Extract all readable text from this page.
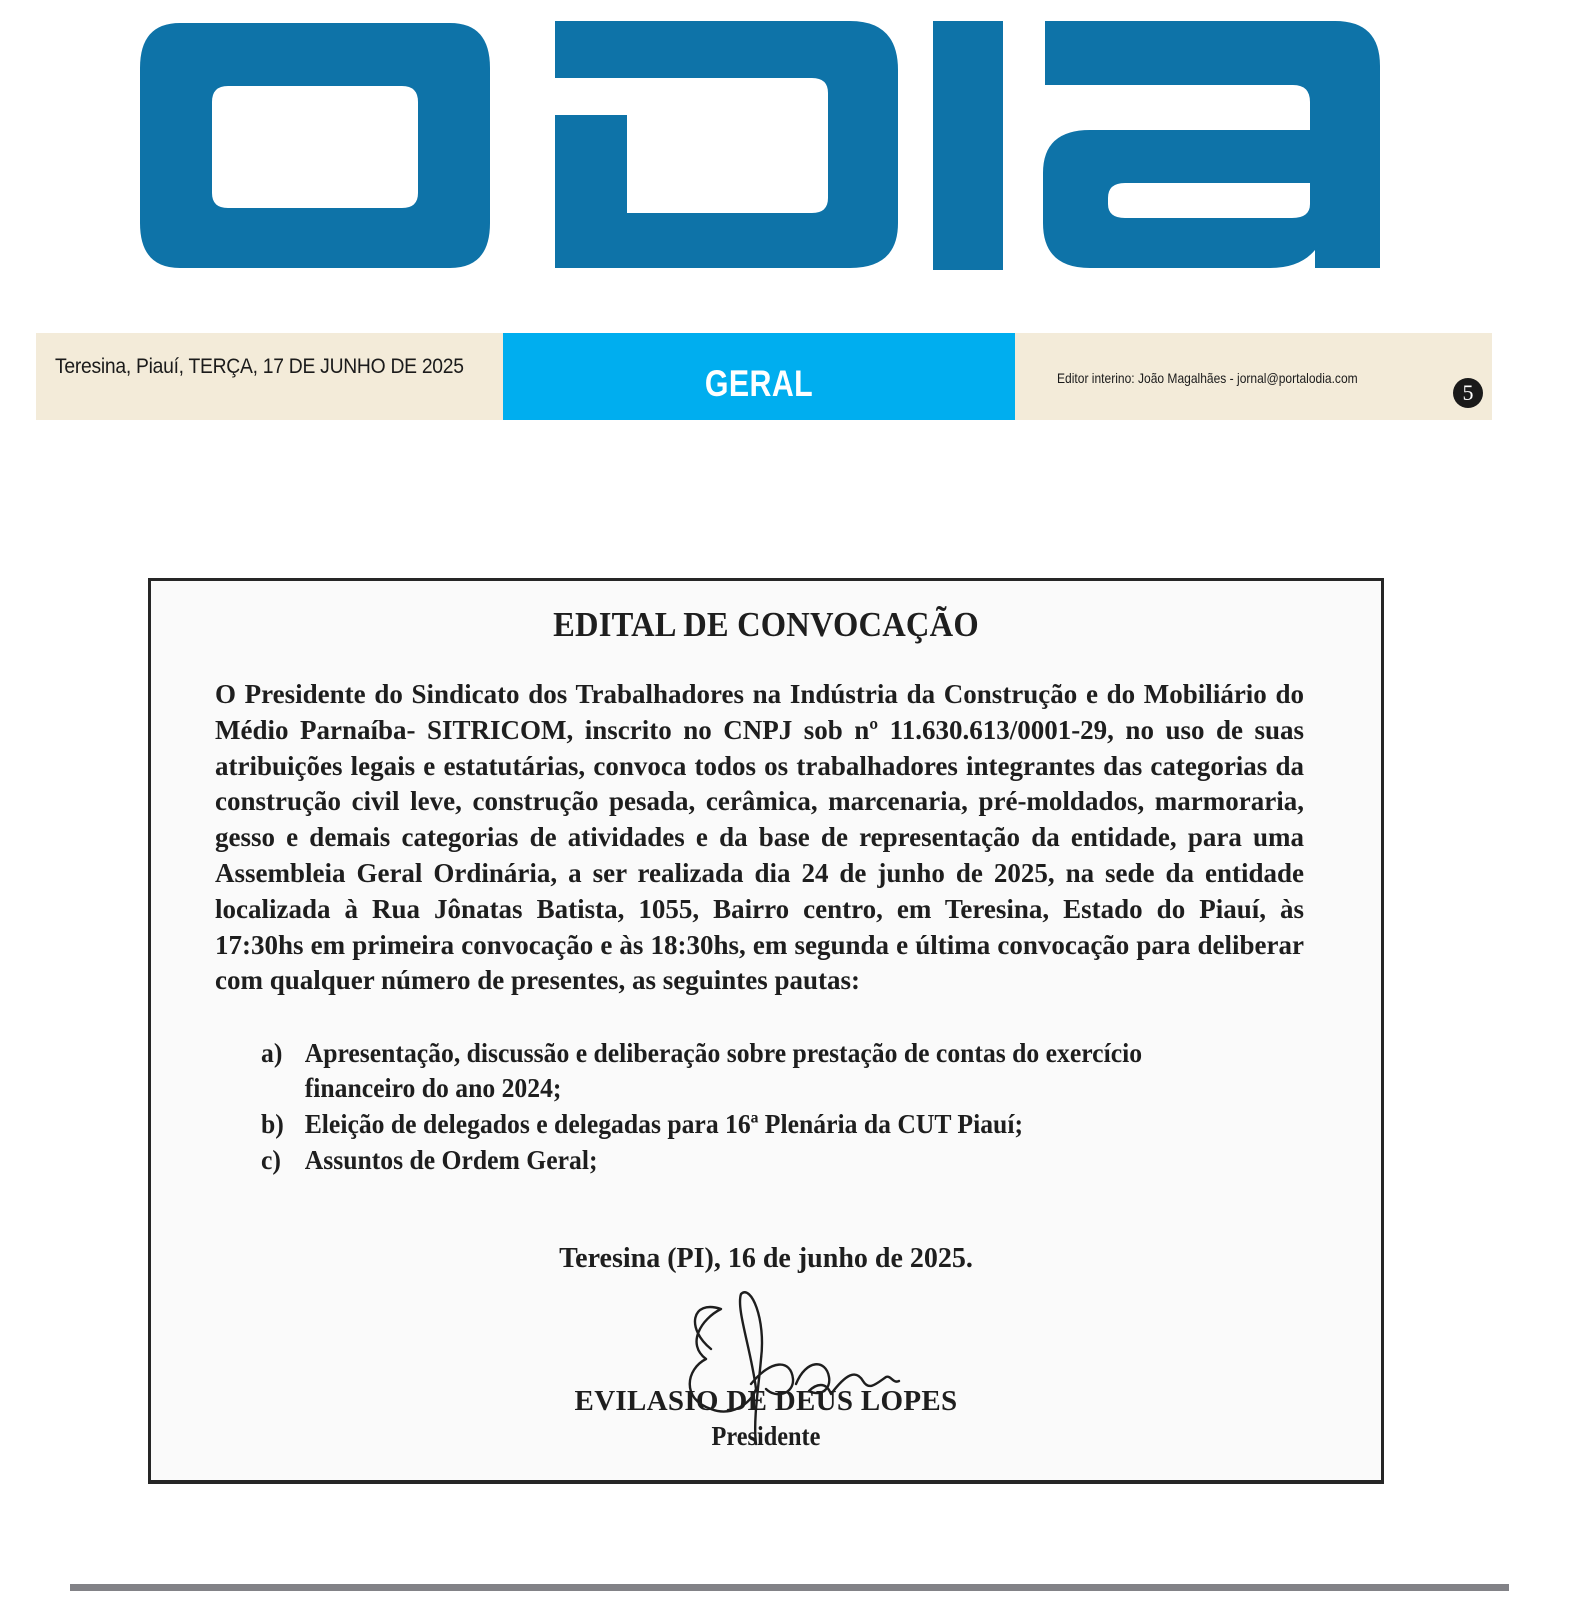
Teresina, Piauí, TERÇA, 17 DE JUNHO DE 2025	GERAL	Editor interino: João Magalhães - jornal@portalodia.com
5
EDITAL DE CONVOCAÇÃO

O Presidente do Sindicato dos Trabalhadores na Indústria da Construção e do Mobiliário do Médio Parnaíba- SITRICOM, inscrito no CNPJ sob nº 11.630.613/0001-29, no uso de suas atribuições legais e estatutárias, convoca todos os trabalhadores integrantes das categorias da construção civil leve, construção pesada, cerâmica, marcenaria, pré-moldados, marmoraria, gesso e demais categorias de atividades e da base de representação da entidade, para uma Assembleia Geral Ordinária, a ser realizada dia 24 de junho de 2025, na sede da entidade localizada à Rua Jônatas Batista, 1055, Bairro centro, em Teresina, Estado do Piauí, às 17:30hs em primeira convocação e às 18:30hs, em segunda e última convocação para deliberar com qualquer número de presentes, as seguintes pautas:

a) Apresentação, discussão e deliberação sobre prestação de contas do exercício financeiro do ano 2024;
b) Eleição de delegados e delegadas para 16ª Plenária da CUT Piauí;
c) Assuntos de Ordem Geral;
Teresina (PI), 16 de junho de 2025.
EVILASIO DE DEUS LOPES
Presidente
